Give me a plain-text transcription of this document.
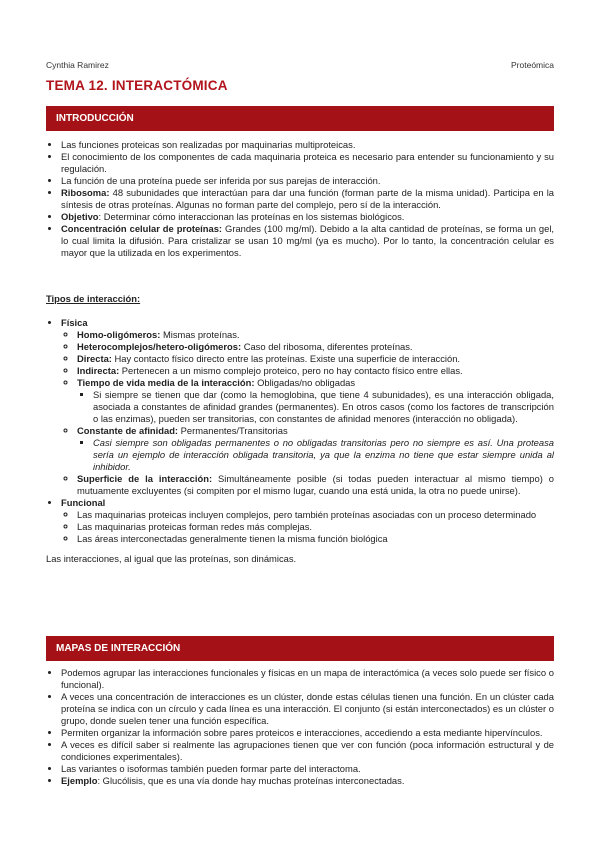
Cynthia Ramirez	Proteómica
TEMA 12. INTERACTÓMICA
INTRODUCCIÓN
• Las funciones proteicas son realizadas por maquinarias multiproteicas.
• El conocimiento de los componentes de cada maquinaria proteica es necesario para entender su funcionamiento y su regulación.
• La función de una proteína puede ser inferida por sus parejas de interacción.
• Ribosoma: 48 subunidades que interactúan para dar una función (forman parte de la misma unidad). Participa en la síntesis de otras proteínas. Algunas no forman parte del complejo, pero sí de la interacción.
• Objetivo: Determinar cómo interaccionan las proteínas en los sistemas biológicos.
• Concentración celular de proteínas: Grandes (100 mg/ml). Debido a la alta cantidad de proteínas, se forma un gel, lo cual limita la difusión. Para cristalizar se usan 10 mg/ml (ya es mucho). Por lo tanto, la concentración celular es mayor que la utilizada en los experimentos.
Tipos de interacción:
• Física
◦ Homo-oligómeros: Mismas proteínas.
◦ Heterocomplejos/hetero-oligómeros: Caso del ribosoma, diferentes proteínas.
◦ Directa: Hay contacto físico directo entre las proteínas. Existe una superficie de interacción.
◦ Indirecta: Pertenecen a un mismo complejo proteico, pero no hay contacto físico entre ellas.
◦ Tiempo de vida media de la interacción: Obligadas/no obligadas
▪ Si siempre se tienen que dar (como la hemoglobina, que tiene 4 subunidades), es una interacción obligada, asociada a constantes de afinidad grandes (permanentes). En otros casos (como los factores de transcripción o las enzimas), pueden ser transitorias, con constantes de afinidad menores (interacción no obligada).
◦ Constante de afinidad: Permanentes/Transitorias
▪ Casi siempre son obligadas permanentes o no obligadas transitorias pero no siempre es así. Una proteasa sería un ejemplo de interacción obligada transitoria, ya que la enzima no tiene que estar siempre unida al inhibidor.
◦ Superficie de la interacción: Simultáneamente posible (si todas pueden interactuar al mismo tiempo) o mutuamente excluyentes (si compiten por el mismo lugar, cuando una está unida, la otra no puede unirse).
• Funcional
◦ Las maquinarias proteicas incluyen complejos, pero también proteínas asociadas con un proceso determinado
◦ Las maquinarias proteicas forman redes más complejas.
◦ Las áreas interconectadas generalmente tienen la misma función biológica
Las interacciones, al igual que las proteínas, son dinámicas.
MAPAS DE INTERACCIÓN
• Podemos agrupar las interacciones funcionales y físicas en un mapa de interactómica (a veces solo puede ser físico o funcional).
• A veces una concentración de interacciones es un clúster, donde estas células tienen una función. En un clúster cada proteína se indica con un círculo y cada línea es una interacción. El conjunto (si están interconectados) es un clúster o grupo, donde suelen tener una función específica.
• Permiten organizar la información sobre pares proteicos e interacciones, accediendo a esta mediante hipervínculos.
• A veces es difícil saber si realmente las agrupaciones tienen que ver con función (poca información estructural y de condiciones experimentales).
• Las variantes o isoformas también pueden formar parte del interactoma.
• Ejemplo: Glucólisis, que es una vía donde hay muchas proteínas interconectadas.
